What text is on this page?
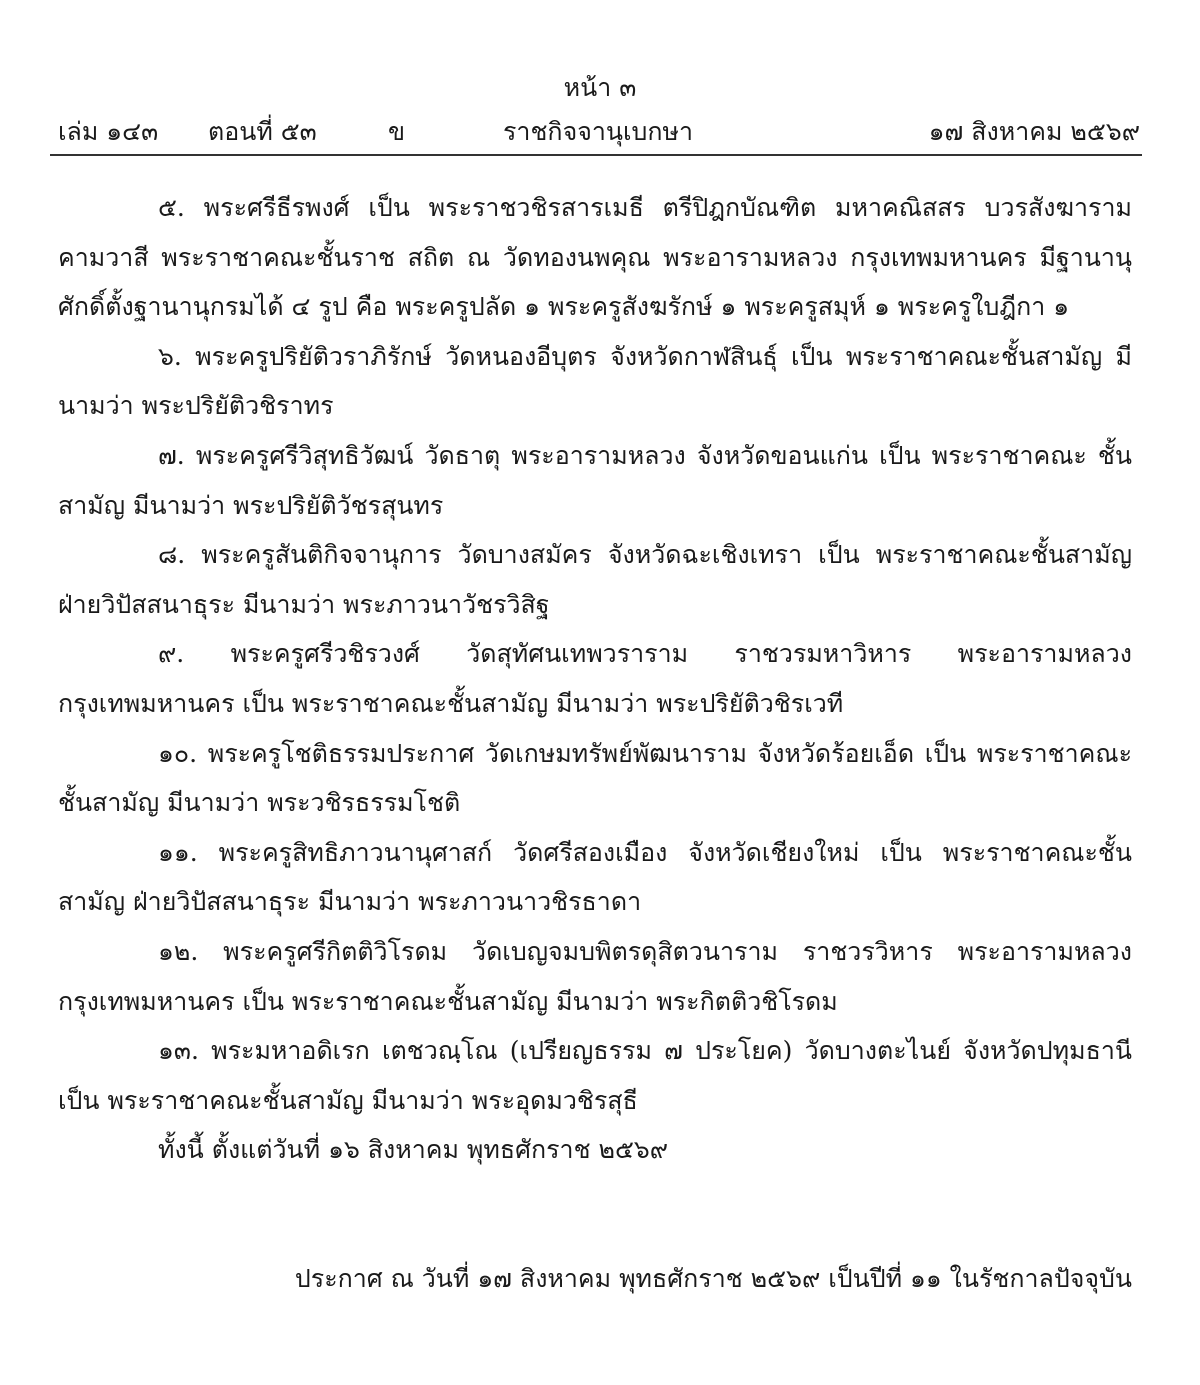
หน้า ๓
เล่ม ๑๔๓ ตอนที่ ๕๓	ข	ราชกิจจานุเบกษา	๑๗ สิงหาคม ๒๕๖๙

๕. พระศรีธีรพงศ์ เป็น พระราชวชิรสารเมธี ตรีปิฎกบัณฑิต มหาคณิสสร บวรสังฆาราม คามวาสี พระราชาคณะชั้นราช สถิต ณ วัดทองนพคุณ พระอารามหลวง กรุงเทพมหานคร มีฐานานุศักดิ์ตั้งฐานานุกรมได้ ๔ รูป คือ พระครูปลัด ๑ พระครูสังฆรักษ์ ๑ พระครูสมุห์ ๑ พระครูใบฎีกา ๑

๖. พระครูปริยัติวราภิรักษ์ วัดหนองอีบุตร จังหวัดกาฬสินธุ์ เป็น พระราชาคณะชั้นสามัญ มีนามว่า พระปริยัติวชิราทร

๗. พระครูศรีวิสุทธิวัฒน์ วัดธาตุ พระอารามหลวง จังหวัดขอนแก่น เป็น พระราชาคณะ ชั้นสามัญ มีนามว่า พระปริยัติวัชรสุนทร

๘. พระครูสันติกิจจานุการ วัดบางสมัคร จังหวัดฉะเชิงเทรา เป็น พระราชาคณะชั้นสามัญ ฝ่ายวิปัสสนาธุระ มีนามว่า พระภาวนาวัชรวิสิฐ

๙. พระครูศรีวชิรวงศ์ วัดสุทัศนเทพวราราม ราชวรมหาวิหาร พระอารามหลวง กรุงเทพมหานคร เป็น พระราชาคณะชั้นสามัญ มีนามว่า พระปริยัติวชิรเวที

๑๐. พระครูโชติธรรมประกาศ วัดเกษมทรัพย์พัฒนาราม จังหวัดร้อยเอ็ด เป็น พระราชาคณะ ชั้นสามัญ มีนามว่า พระวชิรธรรมโชติ

๑๑. พระครูสิทธิภาวนานุศาสก์ วัดศรีสองเมือง จังหวัดเชียงใหม่ เป็น พระราชาคณะชั้นสามัญ ฝ่ายวิปัสสนาธุระ มีนามว่า พระภาวนาวชิรธาดา

๑๒. พระครูศรีกิตติวิโรดม วัดเบญจมบพิตรดุสิตวนาราม ราชวรวิหาร พระอารามหลวง กรุงเทพมหานคร เป็น พระราชาคณะชั้นสามัญ มีนามว่า พระกิตติวชิโรดม

๑๓. พระมหาอดิเรก เตชวณฺโณ (เปรียญธรรม ๗ ประโยค) วัดบางตะไนย์ จังหวัดปทุมธานี เป็น พระราชาคณะชั้นสามัญ มีนามว่า พระอุดมวชิรสุธี

ทั้งนี้ ตั้งแต่วันที่ ๑๖ สิงหาคม พุทธศักราช ๒๕๖๙

ประกาศ ณ วันที่ ๑๗ สิงหาคม พุทธศักราช ๒๕๖๙ เป็นปีที่ ๑๑ ในรัชกาลปัจจุบัน
